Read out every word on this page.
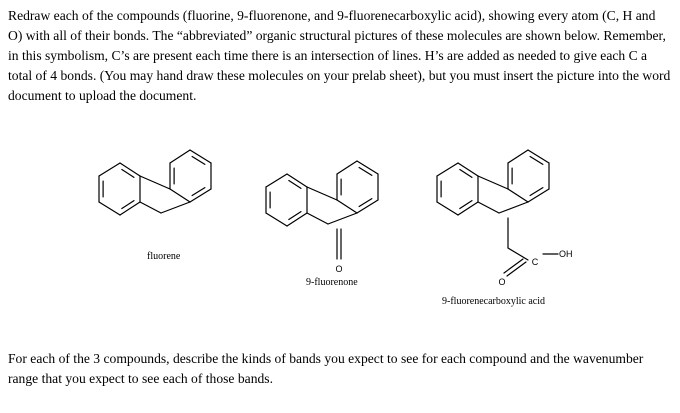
Redraw each of the compounds (fluorine, 9-fluorenone, and 9-fluorenecarboxylic acid), showing every atom (C, H and O) with all of their bonds. The “abbreviated” organic structural pictures of these molecules are shown below. Remember, in this symbolism, C’s are present each time there is an intersection of lines. H’s are added as needed to give each C a total of 4 bonds. (You may hand draw these molecules on your prelab sheet), but you must insert the picture into the word document to upload the document.

O
C
OH
O
fluorene
9-fluorenone
9-fluorenecarboxylic acid

For each of the 3 compounds, describe the kinds of bands you expect to see for each compound and the wavenumber range that you expect to see each of those bands.
